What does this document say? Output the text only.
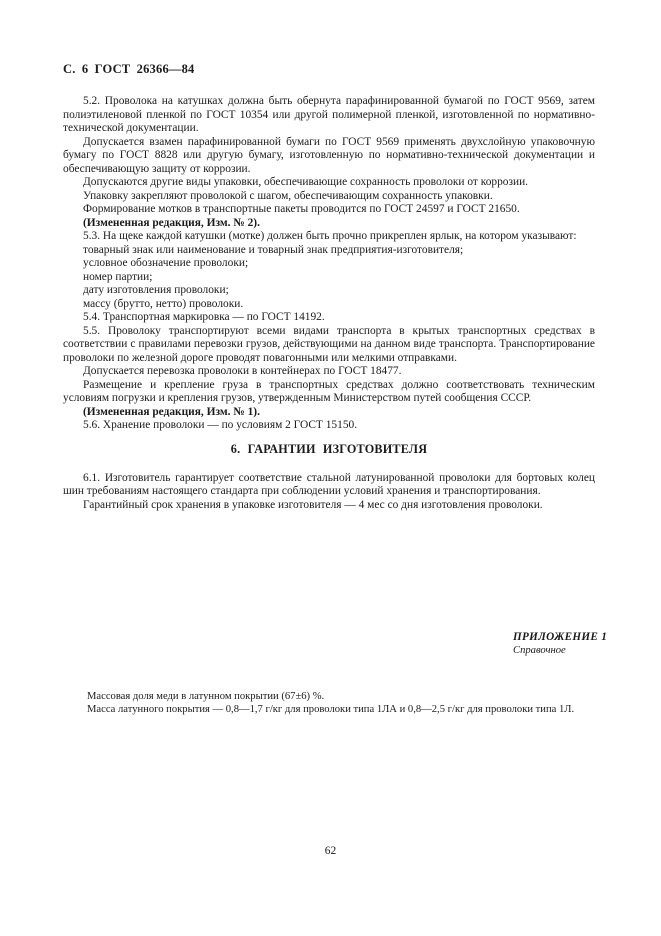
С. 6 ГОСТ 26366—84

5.2. Проволока на катушках должна быть обернута парафинированной бумагой по ГОСТ 9569, затем полиэтиленовой пленкой по ГОСТ 10354 или другой полимерной пленкой, изготовленной по нормативно-технической документации.

Допускается взамен парафинированной бумаги по ГОСТ 9569 применять двухслойную упаковочную бумагу по ГОСТ 8828 или другую бумагу, изготовленную по нормативно-технической документации и обеспечивающую защиту от коррозии.

Допускаются другие виды упаковки, обеспечивающие сохранность проволоки от коррозии.

Упаковку закрепляют проволокой с шагом, обеспечивающим сохранность упаковки.

Формирование мотков в транспортные пакеты проводится по ГОСТ 24597 и ГОСТ 21650.

(Измененная редакция, Изм. № 2).

5.3. На щеке каждой катушки (мотке) должен быть прочно прикреплен ярлык, на котором указывают:

товарный знак или наименование и товарный знак предприятия-изготовителя;

условное обозначение проволоки;

номер партии;

дату изготовления проволоки;

массу (брутто, нетто) проволоки.

5.4. Транспортная маркировка — по ГОСТ 14192.

5.5. Проволоку транспортируют всеми видами транспорта в крытых транспортных средствах в соответствии с правилами перевозки грузов, действующими на данном виде транспорта. Транспортирование проволоки по железной дороге проводят повагонными или мелкими отправками.

Допускается перевозка проволоки в контейнерах по ГОСТ 18477.

Размещение и крепление груза в транспортных средствах должно соответствовать техническим условиям погрузки и крепления грузов, утвержденным Министерством путей сообщения СССР.

(Измененная редакция, Изм. № 1).

5.6. Хранение проволоки — по условиям 2 ГОСТ 15150.

6. ГАРАНТИИ ИЗГОТОВИТЕЛЯ

6.1. Изготовитель гарантирует соответствие стальной латунированной проволоки для бортовых колец шин требованиям настоящего стандарта при соблюдении условий хранения и транспортирования.

Гарантийный срок хранения в упаковке изготовителя — 4 мес со дня изготовления проволоки.

ПРИЛОЖЕНИЕ 1
Справочное

Массовая доля меди в латунном покрытии (67±6) %.

Масса латунного покрытия — 0,8—1,7 г/кг для проволоки типа 1ЛА и 0,8—2,5 г/кг для проволоки типа 1Л.

62
